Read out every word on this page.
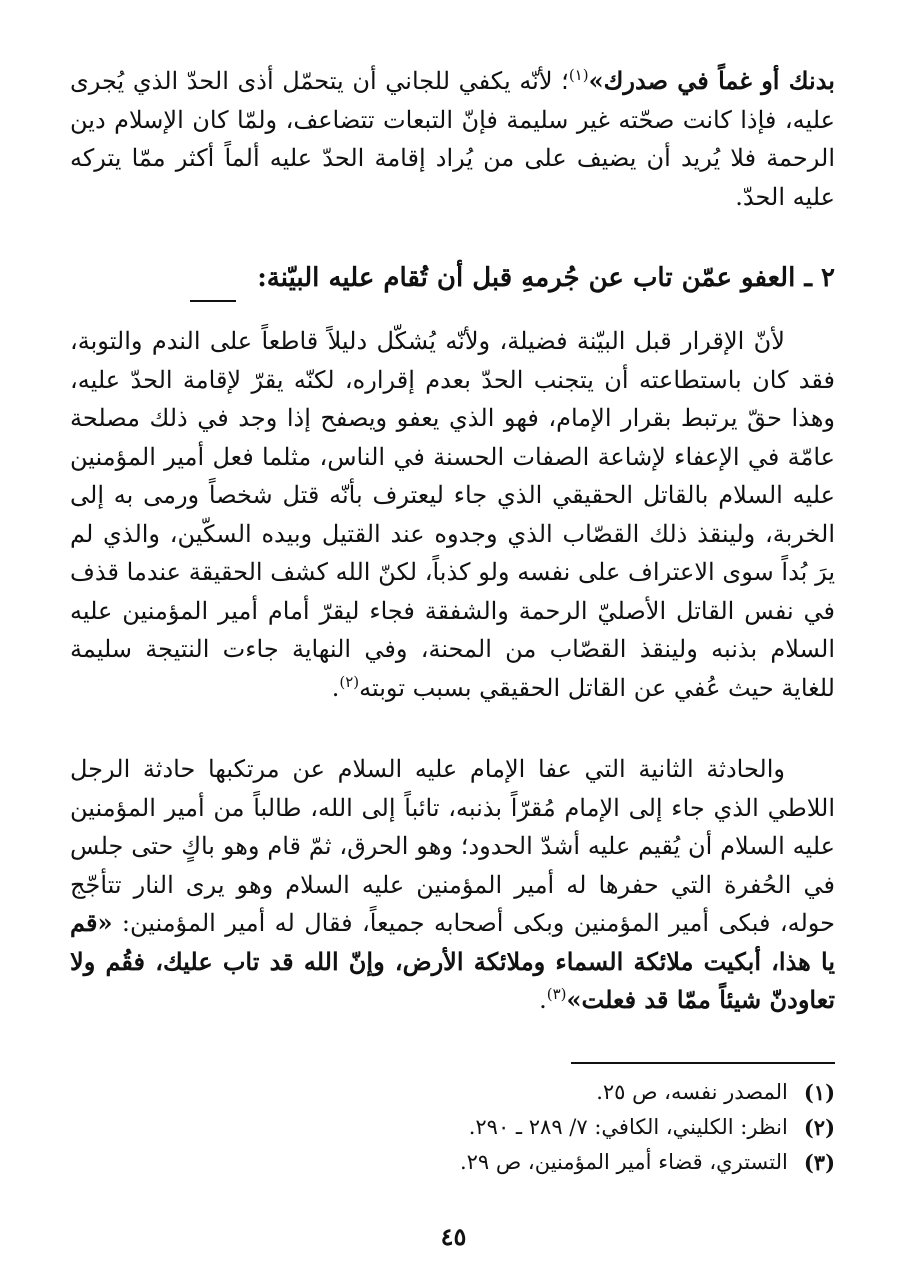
بدنك أو غماً في صدرك»$^{(١)}$؛ لأنّه يكفي للجاني أن يتحمّل أذى الحدّ الذي يُجرى عليه، فإذا كانت صحّته غير سليمة فإنّ التبعات تتضاعف، ولمّا كان الإسلام دين الرحمة فلا يُريد أن يضيف على من يُراد إقامة الحدّ عليه ألماً أكثر ممّا يتركه عليه الحدّ.

٢ ـ العفو عمّن تاب عن جُرمهِ قبل أن تُقام عليه البيّنة:

لأنّ الإقرار قبل البيّنة فضيلة، ولأنّه يُشكّل دليلاً قاطعاً على الندم والتوبة، فقد كان باستطاعته أن يتجنب الحدّ بعدم إقراره، لكنّه يقرّ لإقامة الحدّ عليه، وهذا حقّ يرتبط بقرار الإمام، فهو الذي يعفو ويصفح إذا وجد في ذلك مصلحة عامّة في الإعفاء لإشاعة الصفات الحسنة في الناس، مثلما فعل أمير المؤمنين عليه السلام بالقاتل الحقيقي الذي جاء ليعترف بأنّه قتل شخصاً ورمى به إلى الخربة، ولينقذ ذلك القصّاب الذي وجدوه عند القتيل وبيده السكّين، والذي لم يرَ بُداً سوى الاعتراف على نفسه ولو كذباً، لكنّ الله كشف الحقيقة عندما قذف في نفس القاتل الأصليّ الرحمة والشفقة فجاء ليقرّ أمام أمير المؤمنين عليه السلام بذنبه ولينقذ القصّاب من المحنة، وفي النهاية جاءت النتيجة سليمة للغاية حيث عُفي عن القاتل الحقيقي بسبب توبته$^{(٢)}$.

والحادثة الثانية التي عفا الإمام عليه السلام عن مرتكبها حادثة الرجل اللاطي الذي جاء إلى الإمام مُقرّاً بذنبه، تائباً إلى الله، طالباً من أمير المؤمنين عليه السلام أن يُقيم عليه أشدّ الحدود؛ وهو الحرق، ثمّ قام وهو باكٍ حتى جلس في الحُفرة التي حفرها له أمير المؤمنين عليه السلام وهو يرى النار تتأجّج حوله، فبكى أمير المؤمنين وبكى أصحابه جميعاً، فقال له أمير المؤمنين: «قم يا هذا، أبكيت ملائكة السماء وملائكة الأرض، وإنّ الله قد تاب عليك، فقُم ولا تعاودنّ شيئاً ممّا قد فعلت»$^{(٣)}$.

(١)
المصدر نفسه، ص ٢٥.
(٢)
انظر: الكليني، الكافي: ٧/ ٢٨٩ ـ ٢٩٠.
(٣)
التستري، قضاء أمير المؤمنين، ص ٢٩.
٤٥
